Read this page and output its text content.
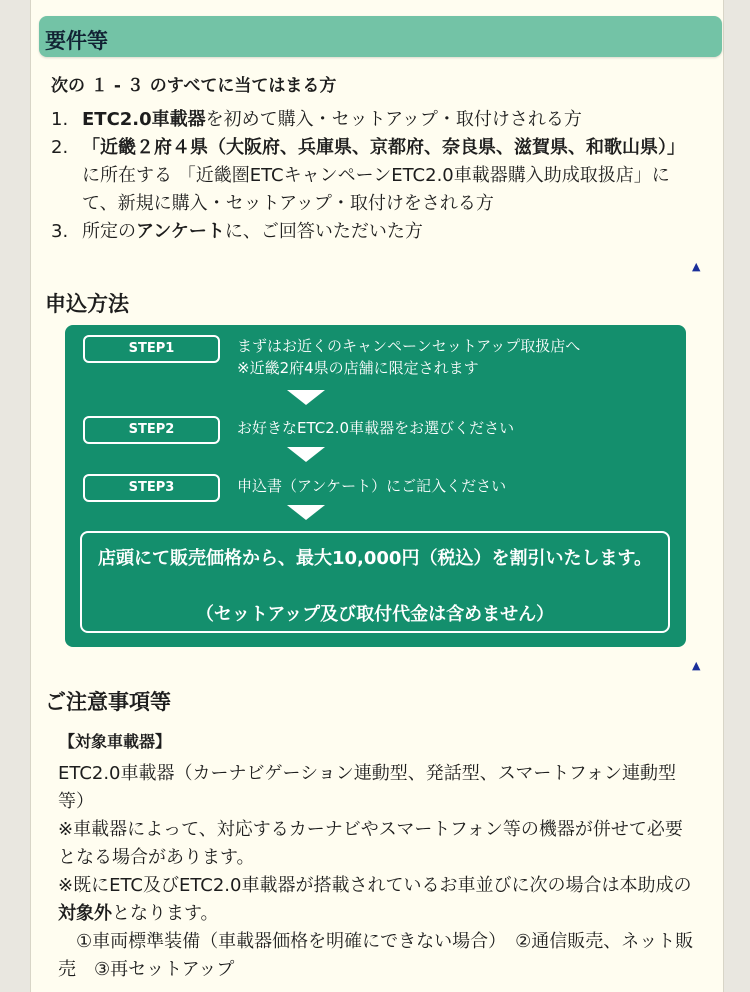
要件等
次の １ - ３ のすべてに当てはまる方
1. ETC2.0車載器を初めて購入・セットアップ・取付けされる方
2. 「近畿２府４県（大阪府、兵庫県、京都府、奈良県、滋賀県、和歌山県）」に所在する 「近畿圏ETCキャンペーンETC2.0車載器購入助成取扱店」にて、新規に購入・セットアップ・取付けをされる方
3. 所定のアンケートに、ご回答いただいた方
▲
申込方法
STEP1	まずはお近くのキャンペーンセットアップ取扱店へ
※近畿2府4県の店舗に限定されます
STEP2	お好きなETC2.0車載器をお選びください
STEP3	申込書（アンケート）にご記入ください
店頭にて販売価格から、最大10,000円（税込）を割引いたします。
（セットアップ及び取付代金は含めません）
▲
ご注意事項等
【対象車載器】

ETC2.0車載器（カーナビゲーション連動型、発話型、スマートフォン連動型等）

※車載器によって、対応するカーナビやスマートフォン等の機器が併せて必要となる場合があります。

※既にETC及びETC2.0車載器が搭載されているお車並びに次の場合は本助成の対象外となります。

　①車両標準装備（車載器価格を明確にできない場合）　②通信販売、ネット販売　③再セットアップ
